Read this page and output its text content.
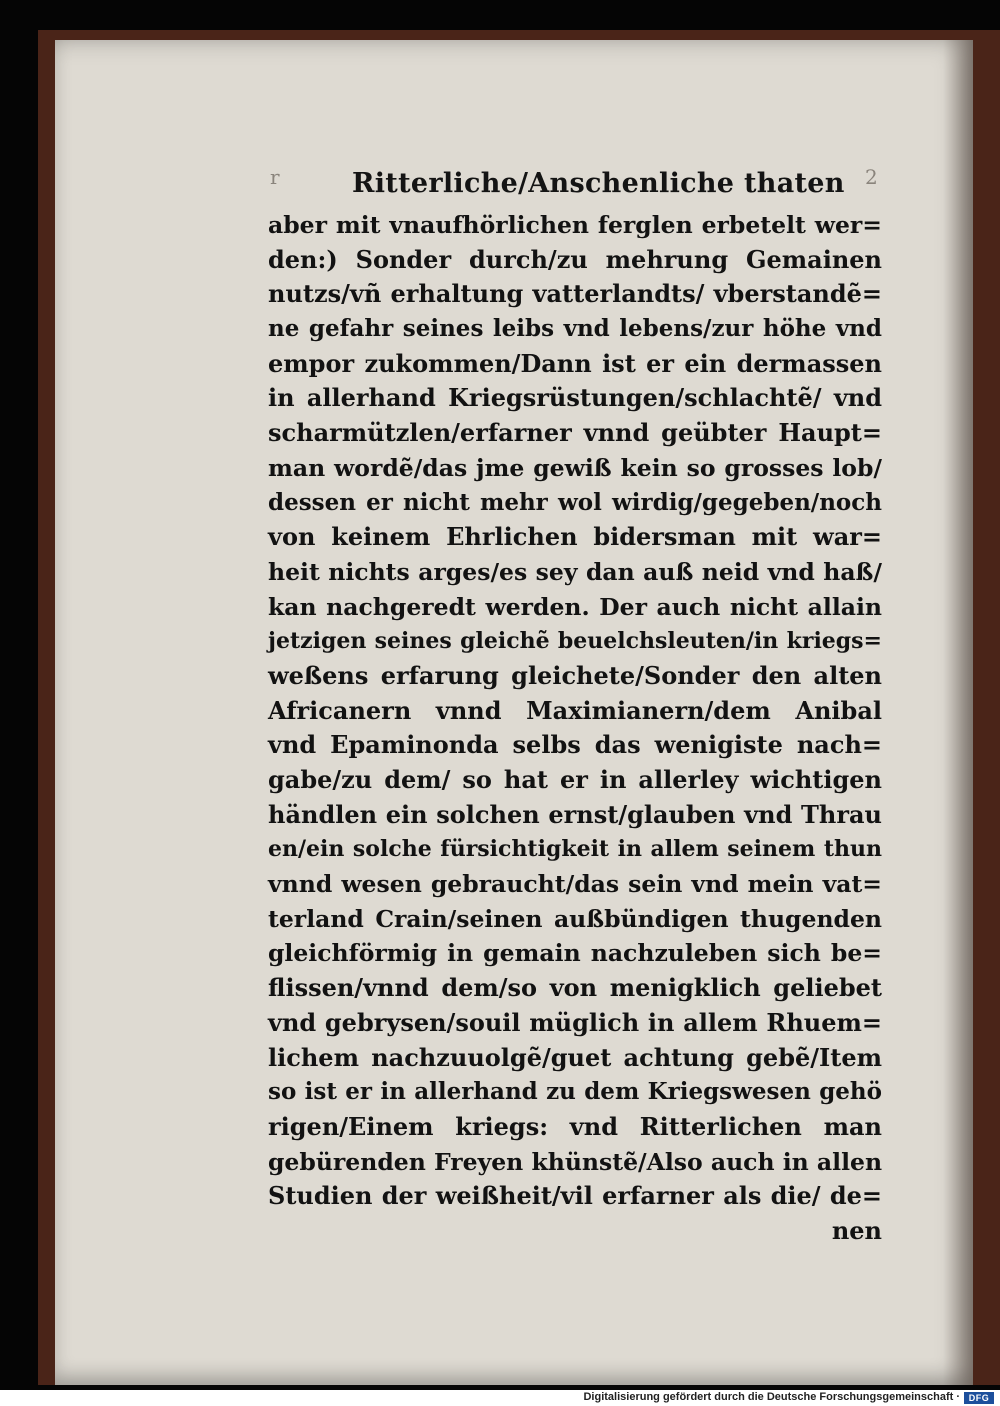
r	2
Ritterliche/Anschenliche thaten
aber mit vnaufhörlichen ferglen erbetelt wer=
den:) Sonder durch/zu mehrung Gemainen
nutzs/vñ erhaltung vatterlandts/ vberstandẽ=
ne gefahr seines leibs vnd lebens/zur höhe vnd
empor zukommen/Dann ist er ein dermassen
in allerhand Kriegsrüstungen/schlachtẽ/ vnd
scharmützlen/erfarner vnnd geübter Haupt=
man wordẽ/das jme gewiß kein so grosses lob/
dessen er nicht mehr wol wirdig/gegeben/noch
von keinem Ehrlichen bidersman mit war=
heit nichts arges/es sey dan auß neid vnd haß/
kan nachgeredt werden. Der auch nicht allain
jetzigen seines gleichẽ beuelchsleuten/in kriegs=
weßens erfarung gleichete/Sonder den alten
Africanern vnnd Maximianern/dem Anibal
vnd Epaminonda selbs das wenigiste nach=
gabe/zu dem/ so hat er in allerley wichtigen
händlen ein solchen ernst/glauben vnd Thrau
en/ein solche fürsichtigkeit in allem seinem thun
vnnd wesen gebraucht/das sein vnd mein vat=
terland Crain/seinen außbündigen thugenden
gleichförmig in gemain nachzuleben sich be=
flissen/vnnd dem/so von menigklich geliebet
vnd gebrysen/souil müglich in allem Rhuem=
lichem nachzuuolgẽ/guet achtung gebẽ/Item
so ist er in allerhand zu dem Kriegswesen gehö
rigen/Einem kriegs: vnd Ritterlichen man
gebürenden Freyen khünstẽ/Also auch in allen
Studien der weißheit/vil erfarner als die/ de=
nen
Digitalisierung gefördert durch die Deutsche Forschungsgemeinschaft · DFG
